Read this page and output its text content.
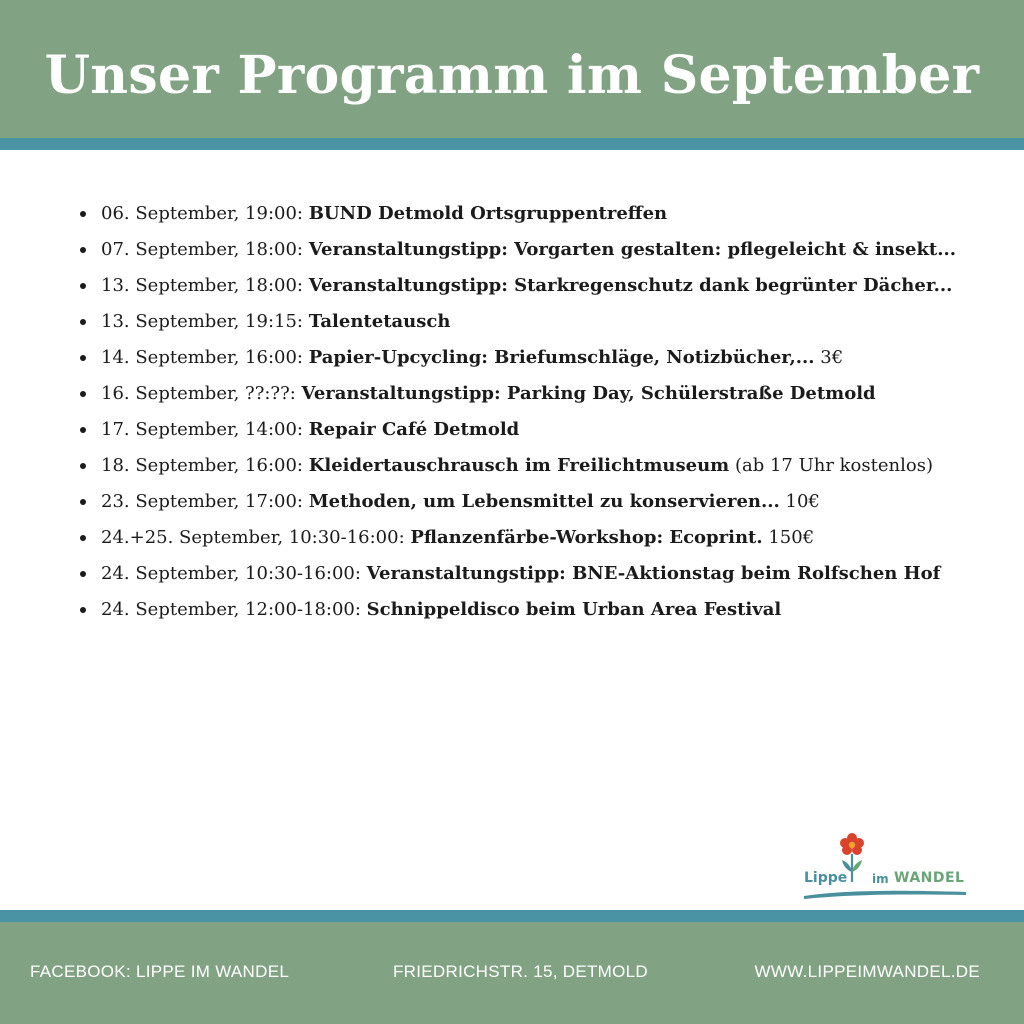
Unser Programm im September
06. September, 19:00: BUND Detmold Ortsgruppentreffen
07. September, 18:00: Veranstaltungstipp: Vorgarten gestalten: pflegeleicht & insekt...
13. September, 18:00: Veranstaltungstipp: Starkregenschutz dank begrünter Dächer...
13. September, 19:15: Talentetausch
14. September, 16:00: Papier-Upcycling: Briefumschläge, Notizbücher,... 3€
16. September, ??:??: Veranstaltungstipp: Parking Day, Schülerstraße Detmold
17. September, 14:00: Repair Café Detmold
18. September, 16:00: Kleidertauschrausch im Freilichtmuseum (ab 17 Uhr kostenlos)
23. September, 17:00: Methoden, um Lebensmittel zu konservieren... 10€
24.+25. September, 10:30-16:00: Pflanzenfärbe-Workshop: Ecoprint. 150€
24. September, 10:30-16:00: Veranstaltungstipp: BNE-Aktionstag beim Rolfschen Hof
24. September, 12:00-18:00: Schnippeldisco beim Urban Area Festival
Lippe im WANDEL
FACEBOOK: LIPPE IM WANDEL	FRIEDRICHSTR. 15, DETMOLD	WWW.LIPPEIMWANDEL.DE
